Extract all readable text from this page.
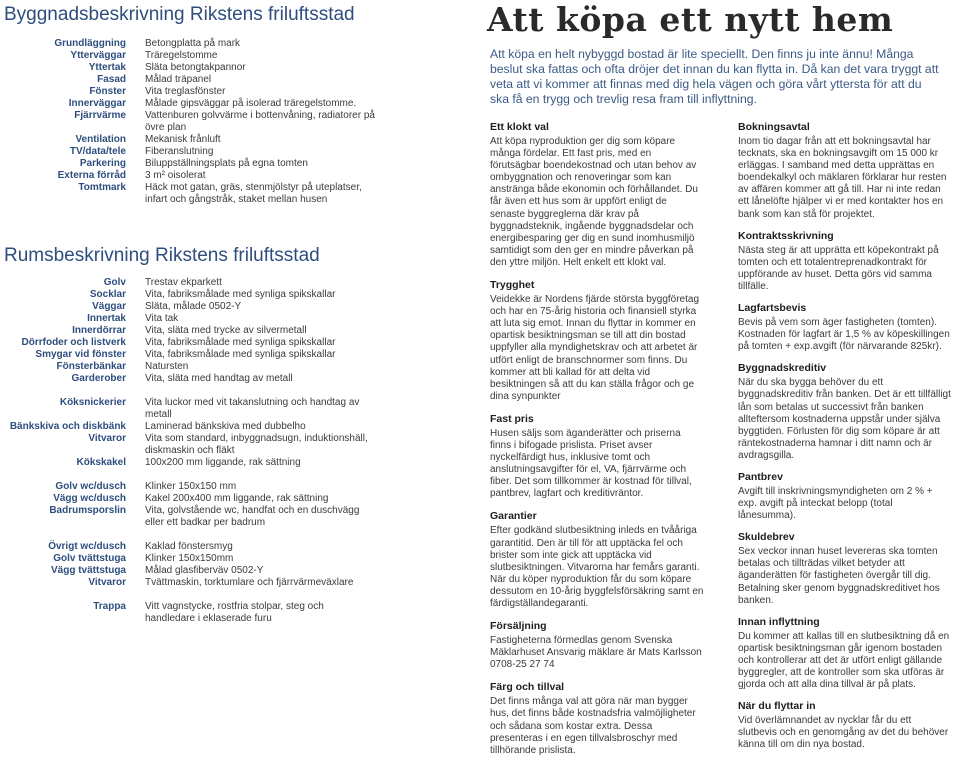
Byggnadsbeskrivning Rikstens friluftsstad
Grundläggning Betongplatta på mark
Ytterväggar Träregelstomme
Yttertak Släta betongtakpannor
Fasad Målad träpanel
Fönster Vita treglasfönster
Innerväggar Målade gipsväggar på isolerad träregelstomme.
Fjärrvärme Vattenburen golvvärme i bottenvåning, radiatorer på övre plan
Ventilation Mekanisk frånluft
TV/data/tele Fiberanslutning
Parkering Biluppställningsplats på egna tomten
Externa förråd 3 m² oisolerat
Tomtmark Häck mot gatan, gräs, stenmjölstyr på uteplatser, infart och gångstråk, staket mellan husen
Rumsbeskrivning Rikstens friluftsstad
Golv Trestav ekparkett
Socklar Vita, fabriksmålade med synliga spikskallar
Väggar Släta, målade 0502-Y
Innertak Vita tak
Innerdörrar Vita, släta med trycke av silvermetall
Dörrfoder och listverk Vita, fabriksmålade med synliga spikskallar
Smygar vid fönster Vita, fabriksmålade med synliga spikskallar
Fönsterbänkar Natursten
Garderober Vita, släta med handtag av metall
Köksnickerier Vita luckor med vit takanslutning och handtag av metall
Bänkskiva och diskbänk Laminerad bänkskiva med dubbelho
Vitvaror Vita som standard, inbyggnadsugn, induktionshäll, diskmaskin och fläkt
Kökskakel 100x200 mm liggande, rak sättning
Golv wc/dusch Klinker 150x150 mm
Vägg wc/dusch Kakel 200x400 mm liggande, rak sättning
Badrumsporslin Vita, golvstående wc, handfat och en duschvägg eller ett badkar per badrum
Övrigt wc/dusch Kaklad fönstersmyg
Golv tvättstuga Klinker 150x150mm
Vägg tvättstuga Målad glasfiberväv 0502-Y
Vitvaror Tvättmaskin, torktumlare och fjärrvärmeväxlare
Trappa Vitt vagnstycke, rostfria stolpar, steg och handledare i eklaserade furu
Att köpa ett nytt hem
Att köpa en helt nybyggd bostad är lite speciellt. Den finns ju inte ännu! Många beslut ska fattas och ofta dröjer det innan du kan flytta in. Då kan det vara tryggt att veta att vi kommer att finnas med dig hela vägen och göra vårt yttersta för att du ska få en trygg och trevlig resa fram till inflyttning.
Ett klokt val

Att köpa nyproduktion ger dig som köpare många fördelar. Ett fast pris, med en förutsägbar boendekostnad och utan behov av ombyggnation och renoveringar som kan anstränga både ekonomin och förhållandet. Du får även ett hus som är uppfört enligt de senaste byggreglerna där krav på byggnadsteknik, ingående byggnadsdelar och energibesparing ger dig en sund inomhusmiljö samtidigt som den ger en mindre påverkan på den yttre miljön. Helt enkelt ett klokt val.

Trygghet

Veidekke är Nordens fjärde största byggföretag och har en 75-årig historia och finansiell styrka att luta sig emot. Innan du flyttar in kommer en opartisk besiktningsman se till att din bostad uppfyller alla myndighetskrav och att arbetet är utfört enligt de branschnormer som finns. Du kommer att bli kallad för att delta vid besiktningen så att du kan ställa frågor och ge dina synpunkter

Fast pris

Husen säljs som äganderätter och priserna finns i bifogade prislista. Priset avser nyckelfärdigt hus, inklusive tomt och anslutningsavgifter för el, VA, fjärrvärme och fiber. Det som tillkommer är kostnad för tillval, pantbrev, lagfart och kreditivräntor.

Garantier

Efter godkänd slutbesiktning inleds en tvååriga garantitid. Den är till för att upptäcka fel och brister som inte gick att upptäcka vid slutbesiktningen. Vitvarorna har femårs garanti. När du köper nyproduktion får du som köpare dessutom en 10-årig byggfelsförsäkring samt en färdigställandegaranti.

Försäljning

Fastigheterna förmedlas genom Svenska Mäklarhuset Ansvarig mäklare är Mats Karlsson 0708-25 27 74

Färg och tillval

Det finns många val att göra när man bygger hus, det finns både kostnadsfria valmöjligheter och sådana som kostar extra. Dessa presenteras i en egen tillvalsbroschyr med tillhörande prislista.

Bokningsavtal

Inom tio dagar från att ett bokningsavtal har tecknats, ska en bokningsavgift om 15 000 kr erläggas. I samband med detta upprättas en boendekalkyl och mäklaren förklarar hur resten av affären kommer att gå till. Har ni inte redan ett lånelöfte hjälper vi er med kontakter hos en bank som kan stå för projektet.

Kontraktsskrivning

Nästa steg är att upprätta ett köpekontrakt på tomten och ett totalentreprenadkontrakt för uppförande av huset. Detta görs vid samma tillfälle.

Lagfartsbevis

Bevis på vem som äger fastigheten (tomten). Kostnaden för lagfart är 1,5 % av köpeskillingen på tomten + exp.avgift (för närvarande 825kr).

Byggnadskreditiv

När du ska bygga behöver du ett byggnadskreditiv från banken. Det är ett tillfälligt lån som betalas ut successivt från banken allteftersom kostnaderna uppstår under själva byggtiden. Förlusten för dig som köpare är att räntekostnaderna hamnar i ditt namn och är avdragsgilla.

Pantbrev

Avgift till inskrivningsmyndigheten om 2 % + exp. avgift på inteckat belopp (total lånesumma).

Skuldebrev

Sex veckor innan huset levereras ska tomten betalas och tillträdas vilket betyder att äganderätten för fastigheten övergår till dig. Betalning sker genom byggnadskreditivet hos banken.

Innan inflyttning

Du kommer att kallas till en slutbesiktning då en opartisk besiktningsman går igenom bostaden och kontrollerar att det är utfört enligt gällande byggregler, att de kontroller som ska utföras är gjorda och att alla dina tillval är på plats.

När du flyttar in

Vid överlämnandet av nycklar får du ett slutbevis och en genomgång av det du behöver känna till om din nya bostad.
